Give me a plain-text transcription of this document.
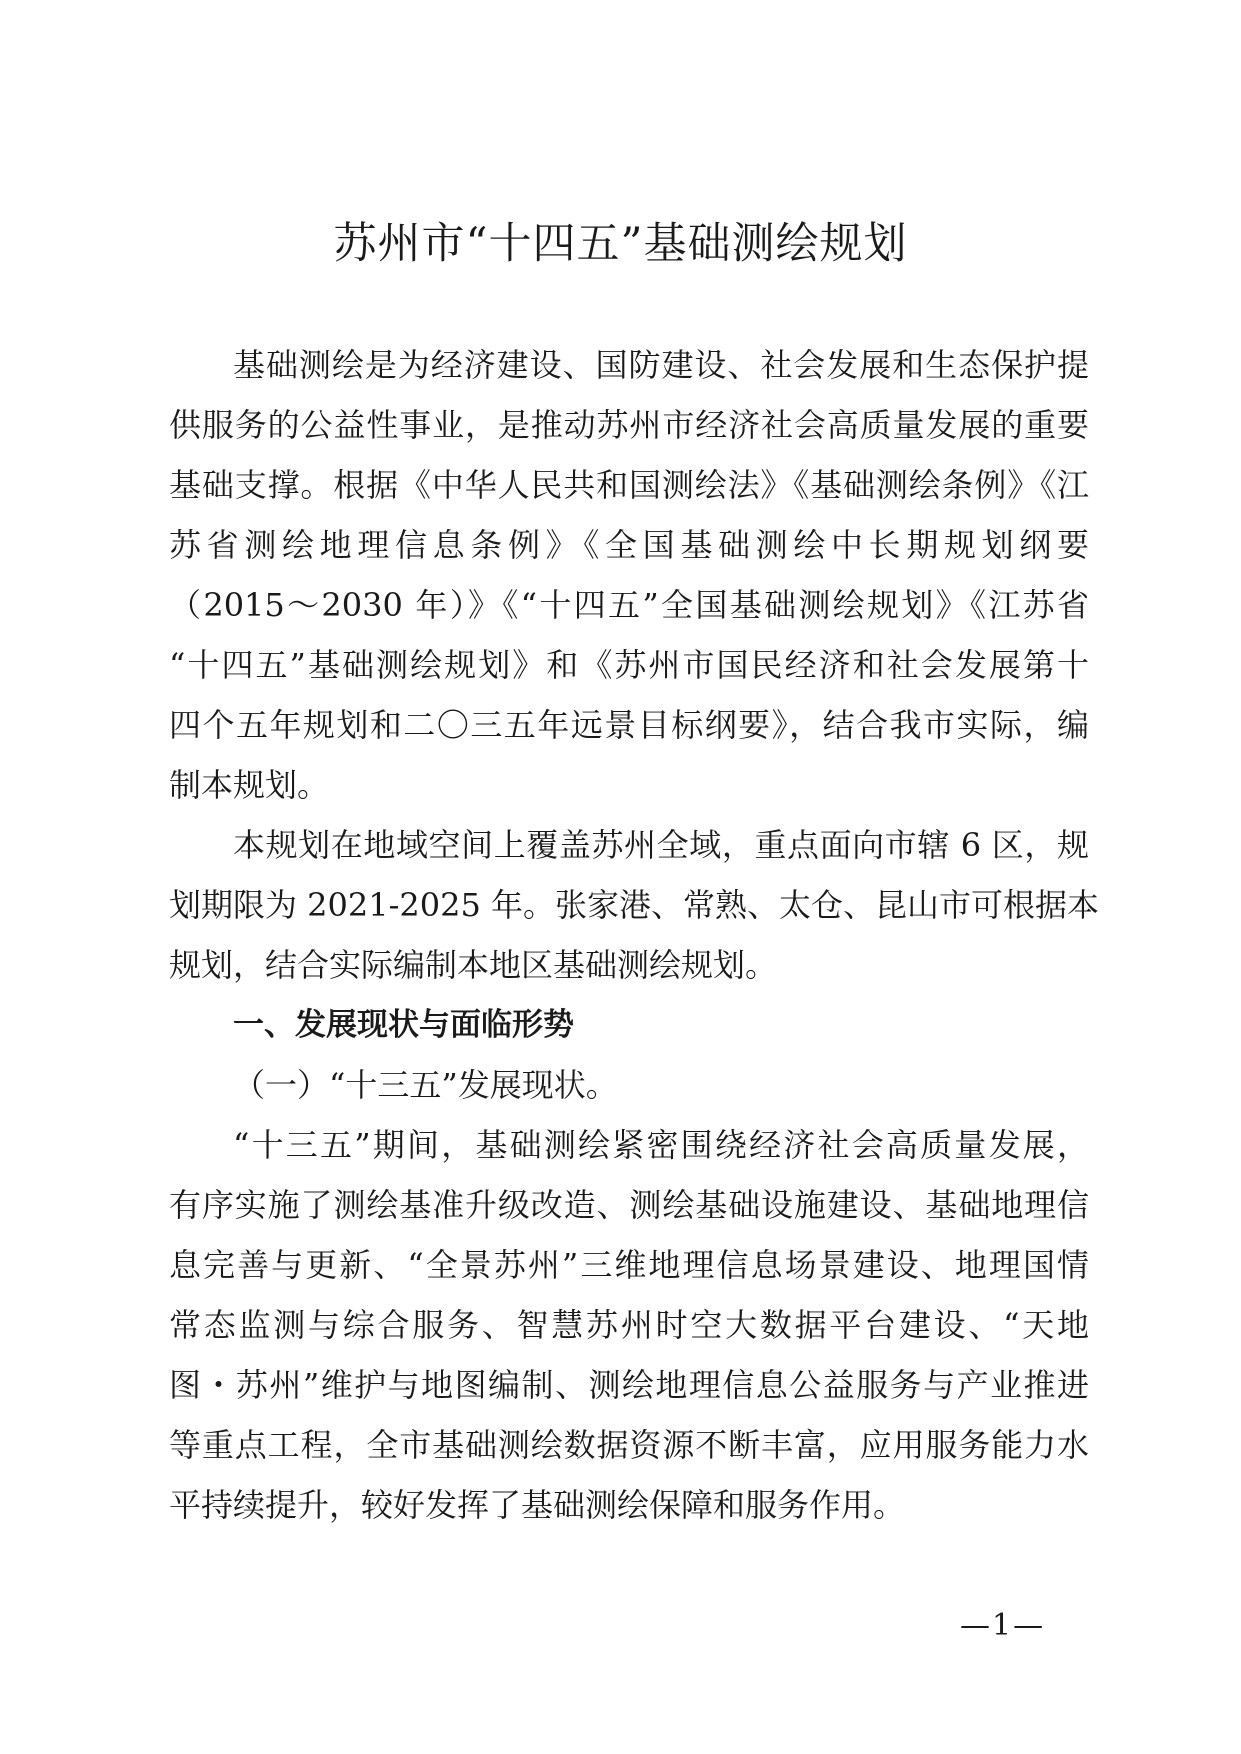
苏州市“十四五”基础测绘规划
基础测绘是为经济建设、国防建设、社会发展和生态保护提
供服务的公益性事业，是推动苏州市经济社会高质量发展的重要
基础支撑。根据《中华人民共和国测绘法》《基础测绘条例》《江
苏省测绘地理信息条例》《全国基础测绘中长期规划纲要
（2015～2030 年）》《“十四五”全国基础测绘规划》《江苏省
“十四五”基础测绘规划》和《苏州市国民经济和社会发展第十
四个五年规划和二〇三五年远景目标纲要》，结合我市实际，编
制本规划。
本规划在地域空间上覆盖苏州全域，重点面向市辖 6 区，规
划期限为 2021-2025 年。张家港、常熟、太仓、昆山市可根据本
规划，结合实际编制本地区基础测绘规划。
一、发展现状与面临形势
（一）“十三五”发展现状。
“十三五”期间，基础测绘紧密围绕经济社会高质量发展，
有序实施了测绘基准升级改造、测绘基础设施建设、基础地理信
息完善与更新、“全景苏州”三维地理信息场景建设、地理国情
常态监测与综合服务、智慧苏州时空大数据平台建设、“天地
图・苏州”维护与地图编制、测绘地理信息公益服务与产业推进
等重点工程，全市基础测绘数据资源不断丰富，应用服务能力水
平持续提升，较好发挥了基础测绘保障和服务作用。
—1—
